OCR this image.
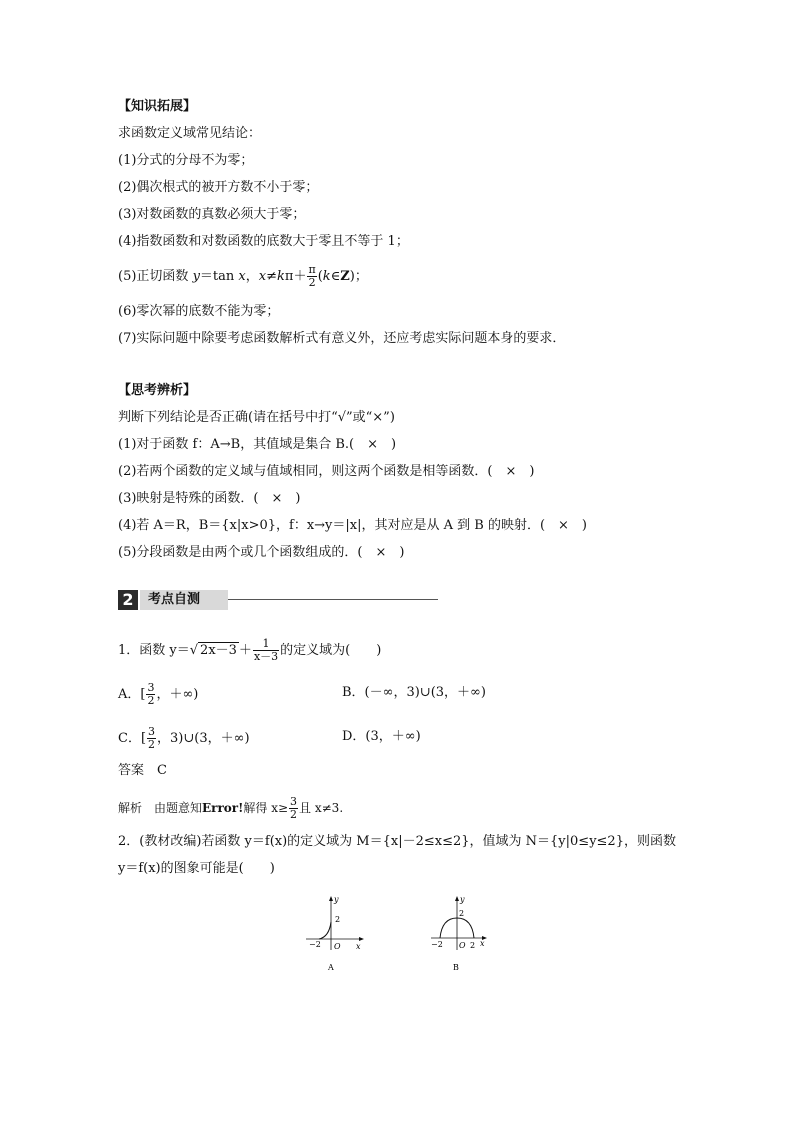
【知识拓展】
求函数定义域常见结论：
(1)分式的分母不为零；
(2)偶次根式的被开方数不小于零；
(3)对数函数的真数必须大于零；
(4)指数函数和对数函数的底数大于零且不等于 1；
(5)正切函数 y＝tan x，$x\ne k\pi+ \frac{\pi}{2}$ (k∈Z)；
(6)零次幂的底数不能为零；
(7)实际问题中除要考虑函数解析式有意义外，还应考虑实际问题本身的要求．
【思考辨析】
判断下列结论是否正确(请在括号中打“√”或“×”)
(1)对于函数 f：A→B，其值域是集合 B.(　×　)
(2)若两个函数的定义域与值域相同，则这两个函数是相等函数．(　×　)
(3)映射是特殊的函数．(　×　)
(4)若 A＝R，B＝{x|x>0}，f：x→y＝|x|，其对应是从 A 到 B 的映射．(　×　)
(5)分段函数是由两个或几个函数组成的．(　×　)
2	考点自测
1．函数 y＝√ $2x-3 + \frac{1}{x-3}$ 的定义域为(　　)
A．[ $\frac{3}{2}$ ，＋∞)	B．(－∞，3)∪(3，＋∞)
C．[ $\frac{3}{2}$ ，3)∪(3，＋∞)	D．(3，＋∞)
答案　C
解析　由题意知Error!解得 $x\ge \frac{3}{2}$ 且 x≠3.
2．(教材改编)若函数 y＝f(x)的定义域为 M＝{x|－2≤x≤2}，值域为 N＝{y|0≤y≤2}，则函数
y＝f(x)的图象可能是(　　)
y
x
O
−2
2
A
y
x
O
−2
2
2
B
